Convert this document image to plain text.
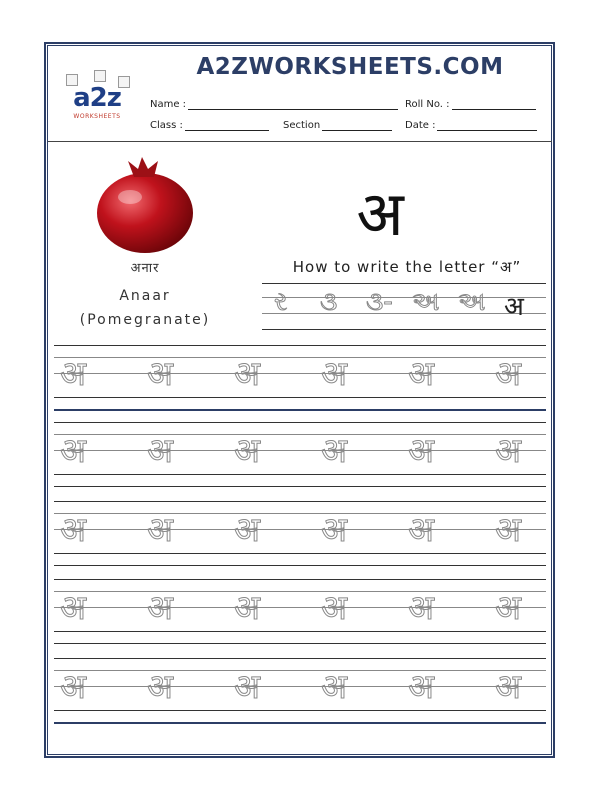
A2ZWORKSHEETS.COM
a2z
WORKSHEETS
Name :	Roll No. :
Class :	Section	Date :
अनार
Anaar
(Pomegranate)
अ
How to write the letter “अ”
ર ૩ ૩- અ અ अ
अ अ अ अ अ अ
अ अ अ अ अ अ
अ अ अ अ अ अ
अ अ अ अ अ अ
अ अ अ अ अ अ
